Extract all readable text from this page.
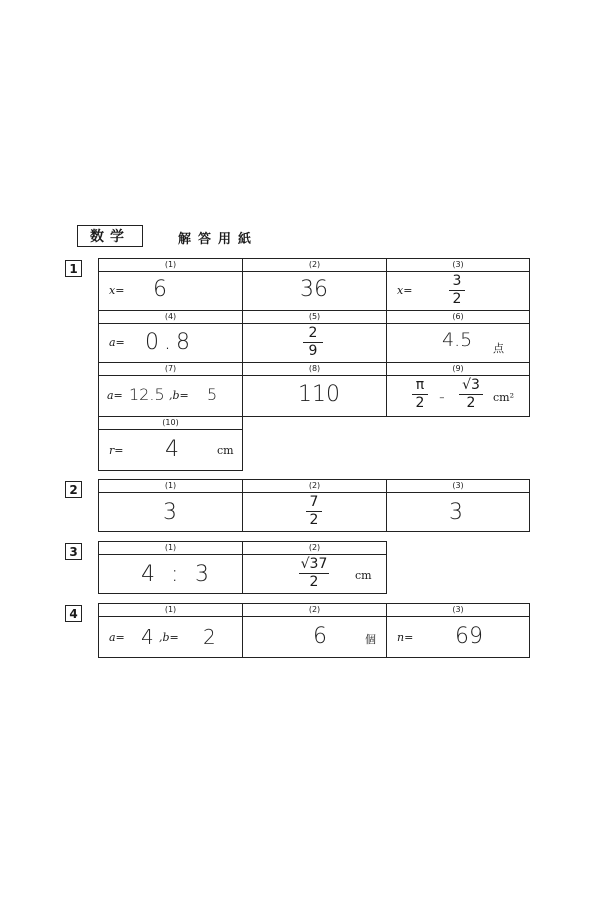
数学	解答用紙
1	(1)
x= 6
(2)
36
(3)
x=
3
2
(4)
a= 0.8
(5)
2
9
(6)
4.5 点
(7)
a= 12.5 ,b= 5
(8)
110
(9)
π
2 -
√3
2 cm²
(10)
r= 4	cm
2	(1)
3
(2)
7
2
(3)
3
3	(1)
4 : 3
(2)
√37
2	cm
4	(1)
a= 4 ,b= 2
(2)
6	個
(3)
n= 69
